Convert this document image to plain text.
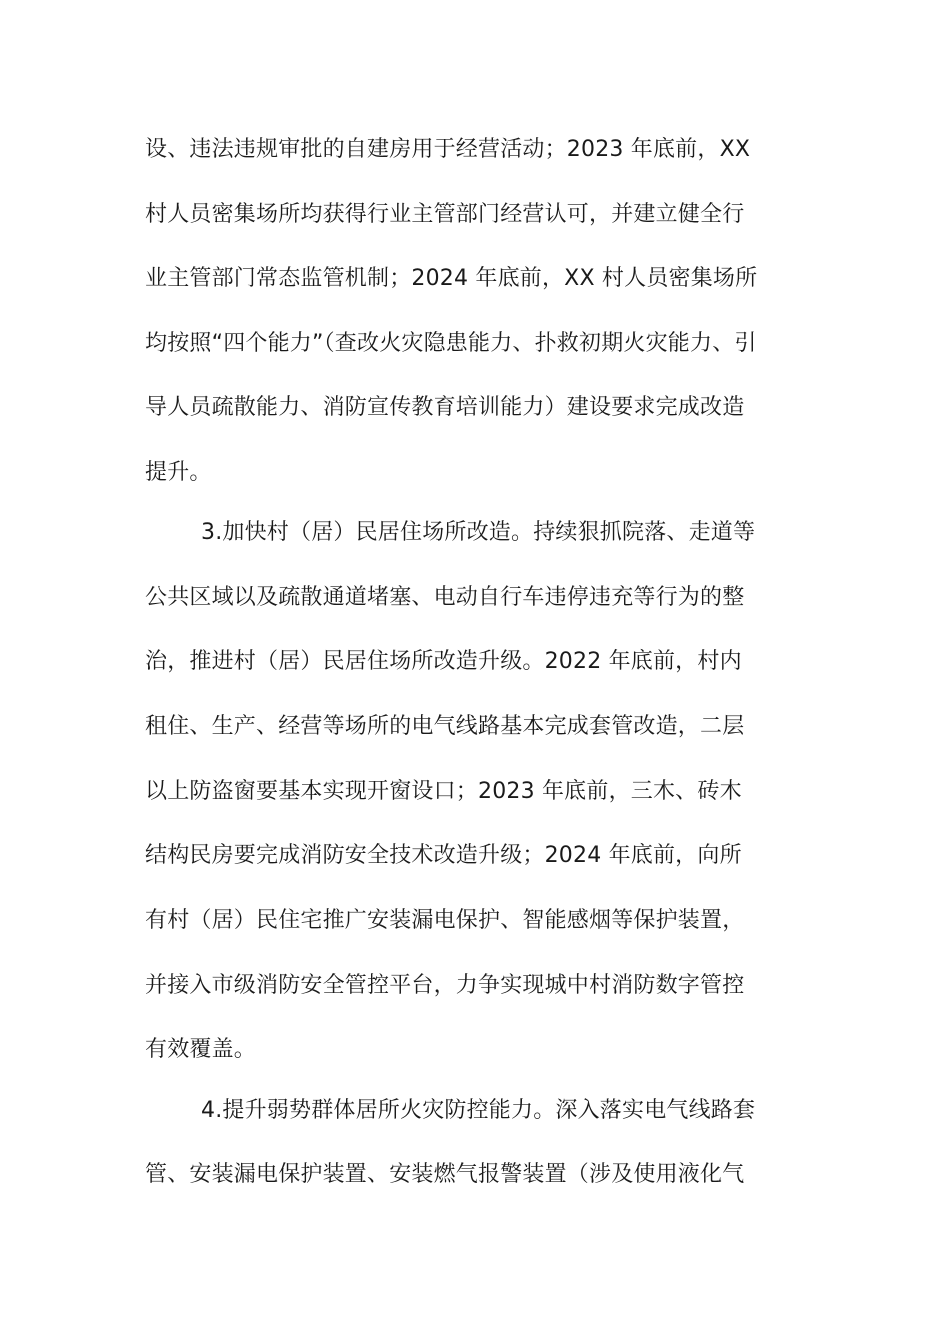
设、违法违规审批的自建房用于经营活动；2023 年底前，XX
村人员密集场所均获得行业主管部门经营认可，并建立健全行
业主管部门常态监管机制；2024 年底前，XX 村人员密集场所
均按照“四个能力”（查改火灾隐患能力、扑救初期火灾能力、引
导人员疏散能力、消防宣传教育培训能力）建设要求完成改造
提升。
3.加快村（居）民居住场所改造。持续狠抓院落、走道等
公共区域以及疏散通道堵塞、电动自行车违停违充等行为的整
治，推进村（居）民居住场所改造升级。2022 年底前，村内
租住、生产、经营等场所的电气线路基本完成套管改造，二层
以上防盗窗要基本实现开窗设口；2023 年底前，三木、砖木
结构民房要完成消防安全技术改造升级；2024 年底前，向所
有村（居）民住宅推广安装漏电保护、智能感烟等保护装置，
并接入市级消防安全管控平台，力争实现城中村消防数字管控
有效覆盖。
4.提升弱势群体居所火灾防控能力。深入落实电气线路套
管、安装漏电保护装置、安装燃气报警装置（涉及使用液化气
